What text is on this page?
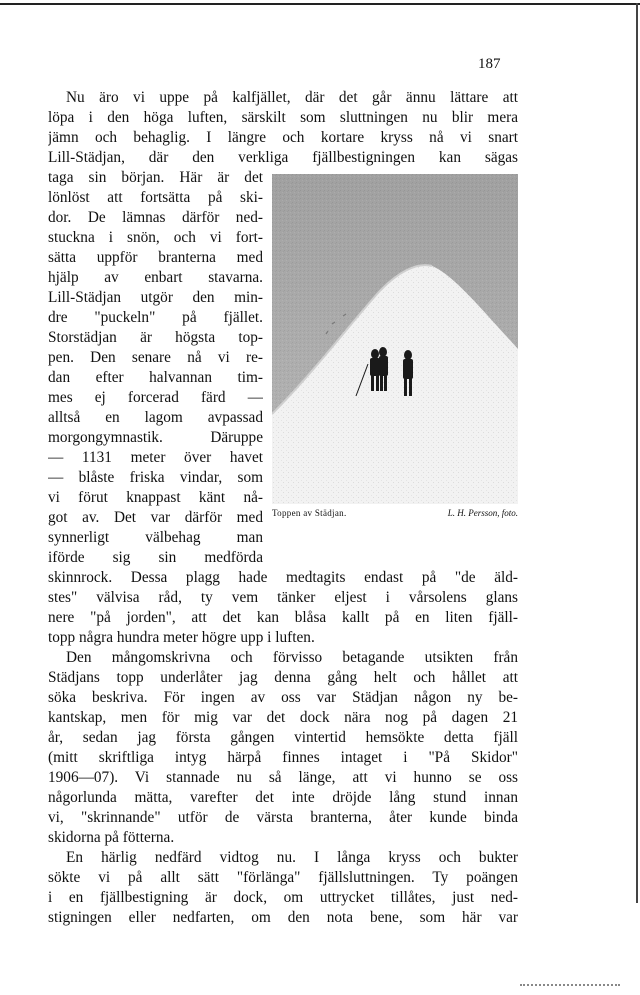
187
Nu äro vi uppe på kalfjället, där det går ännu lättare att
löpa i den höga luften, särskilt som sluttningen nu blir mera
jämn och behaglig. I längre och kortare kryss nå vi snart
Lill-Städjan, där den verkliga fjällbestigningen kan sägas
taga sin början. Här är det
lönlöst att fortsätta på ski-
dor. De lämnas därför ned-
stuckna i snön, och vi fort-
sätta uppför branterna med
hjälp av enbart stavarna.
Lill-Städjan utgör den min-
dre "puckeln" på fjället.
Storstädjan är högsta top-
pen. Den senare nå vi re-
dan efter halvannan tim-
mes ej forcerad färd —
alltså en lagom avpassad
morgongymnastik. Däruppe
— 1131 meter över havet
— blåste friska vindar, som
vi förut knappast känt nå-
got av. Det var därför med
synnerligt välbehag man
iförde sig sin medförda
skinnrock. Dessa plagg hade medtagits endast på "de äld-
stes" välvisa råd, ty vem tänker eljest i vårsolens glans
nere "på jorden", att det kan blåsa kallt på en liten fjäll-
topp några hundra meter högre upp i luften.
Den mångomskrivna och förvisso betagande utsikten från
Städjans topp underlåter jag denna gång helt och hållet att
söka beskriva. För ingen av oss var Städjan någon ny be-
kantskap, men för mig var det dock nära nog på dagen 21
år, sedan jag första gången vintertid hemsökte detta fjäll
(mitt skriftliga intyg härpå finnes intaget i "På Skidor"
1906—07). Vi stannade nu så länge, att vi hunno se oss
någorlunda mätta, varefter det inte dröjde lång stund innan
vi, "skrinnande" utför de värsta branterna, åter kunde binda
skidorna på fötterna.
En härlig nedfärd vidtog nu. I långa kryss och bukter
sökte vi på allt sätt "förlänga" fjällsluttningen. Ty poängen
i en fjällbestigning är dock, om uttrycket tillåtes, just ned-
stigningen eller nedfarten, om den nota bene, som här var
Toppen av Städjan.	L. H. Persson, foto.
